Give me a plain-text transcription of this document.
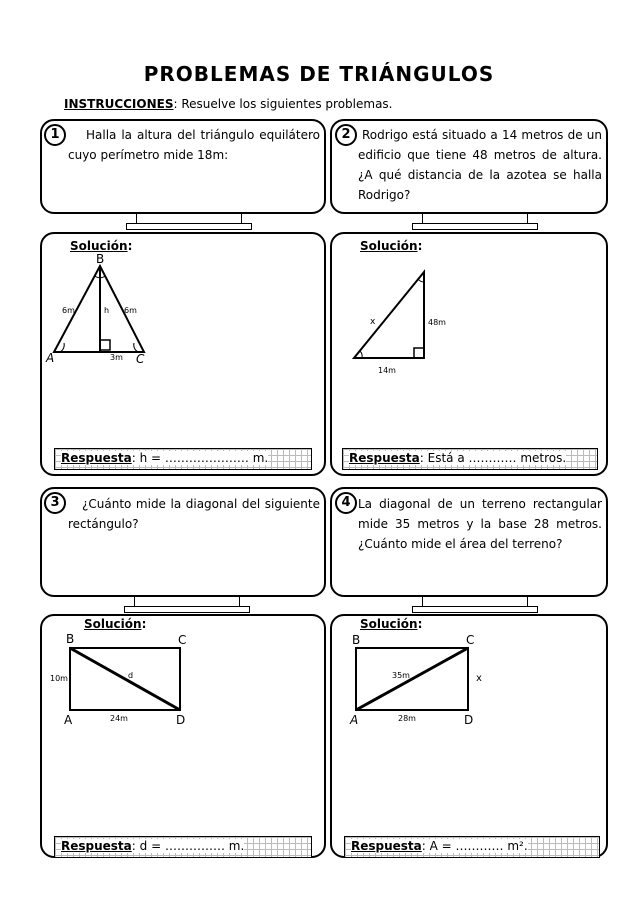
PROBLEMAS DE TRIÁNGULOS
INSTRUCCIONES: Resuelve los siguientes problemas.
1	Halla la altura del triángulo equilátero cuyo perímetro mide 18m:
Solución:
B
A	C
6m	6m
h
3m
Respuesta: h = ………………… m.
2 Rodrigo está situado a 14 metros de un edificio que tiene 48 metros de altura. ¿A qué distancia de la azotea se halla Rodrigo?
Solución:
x	48m
14m
Respuesta: Está a ………… metros.
3	¿Cuánto mide la diagonal del siguiente rectángulo?
Solución:
B	C
A	D
10m
24m
d
Respuesta: d = …………… m.
4 La diagonal de un terreno rectangular mide 35 metros y la base 28 metros. ¿Cuánto mide el área del terreno?
Solución:
B	C
A	D
x
28m
35m
Respuesta: A = ………… m².
